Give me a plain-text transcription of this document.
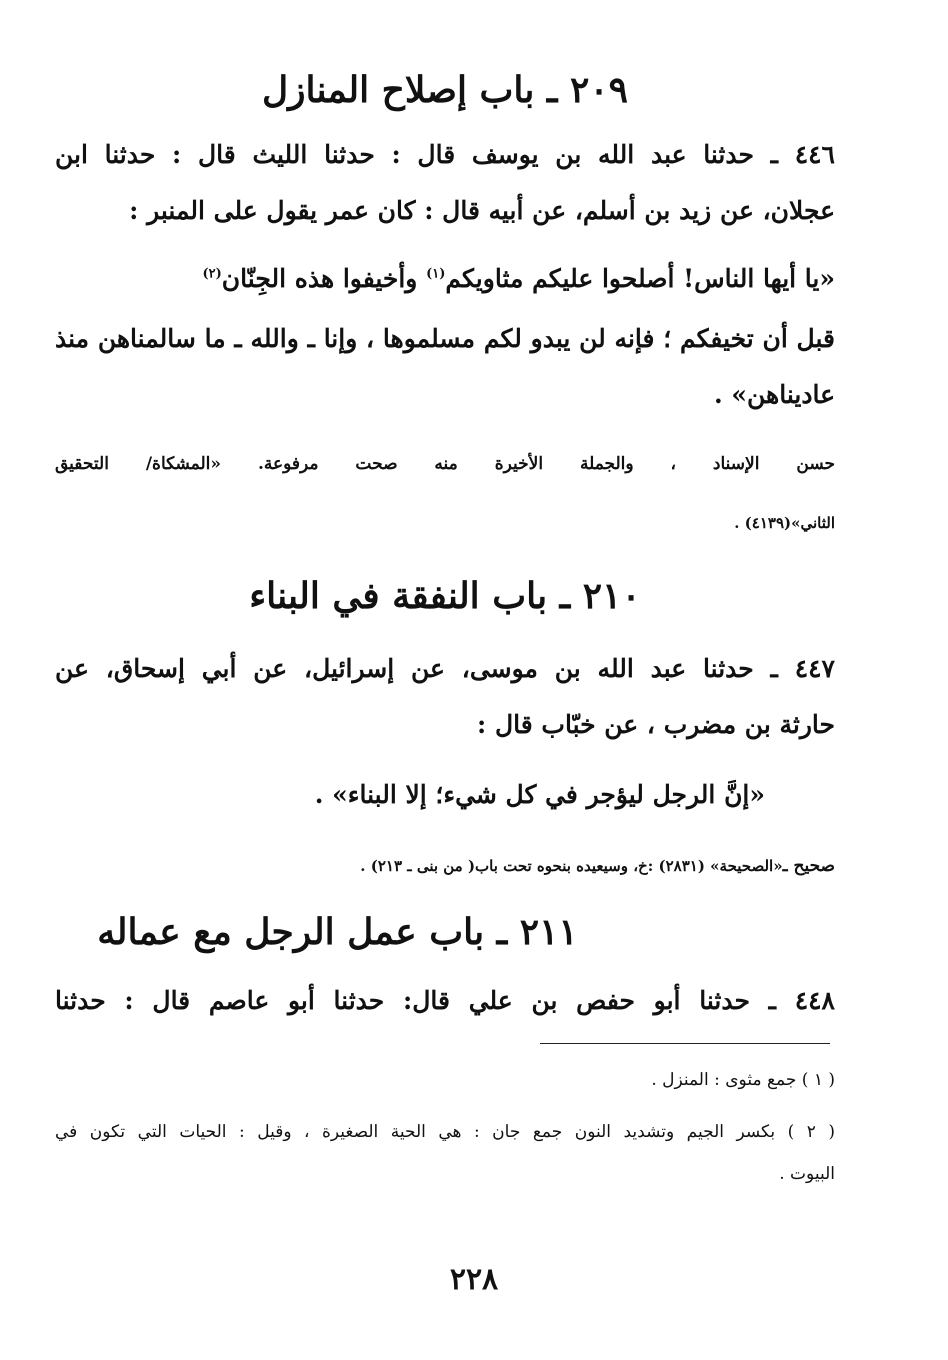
٢٠٩ ـ باب إصلاح المنازل
٤٤٦ ـ حدثنا عبد الله بن يوسف قال : حدثنا الليث قال : حدثنا ابن
عجلان، عن زيد بن أسلم، عن أبيه قال : كان عمر يقول على المنبر :
«يا أيها الناس! أصلحوا عليكم مثاويكم$^{(١)}$ وأخيفوا هذه الجِنّان$^{(٢)}$
قبل أن تخيفكم ؛ فإنه لن يبدو لكم مسلموها ، وإنا ـ والله ـ ما سالمناهن منذ
عاديناهن» .
حسن الإسناد ، والجملة الأخيرة منه صحت مرفوعة. «المشكاة/ التحقيق
الثاني»(٤١٣٩) .
٢١٠ ـ باب النفقة في البناء
٤٤٧ ـ حدثنا عبد الله بن موسى، عن إسرائيل، عن أبي إسحاق، عن
حارثة بن مضرب ، عن خبّاب قال :
«إنَّ الرجل ليؤجر في كل شيء؛ إلا البناء» .
صحيح ـ«الصحيحة» (٢٨٣١) :خ، وسيعيده بنحوه تحت باب( من بنى ـ ٢١٣) .
٢١١ ـ باب عمل الرجل مع عماله
٤٤٨ ـ حدثنا أبو حفص بن علي قال: حدثنا أبو عاصم قال : حدثنا
( ١ ) جمع مثوى : المنزل .
( ٢ ) بكسر الجيم وتشديد النون جمع جان : هي الحية الصغيرة ، وقيل : الحيات التي تكون في
البيوت .
٢٢٨
